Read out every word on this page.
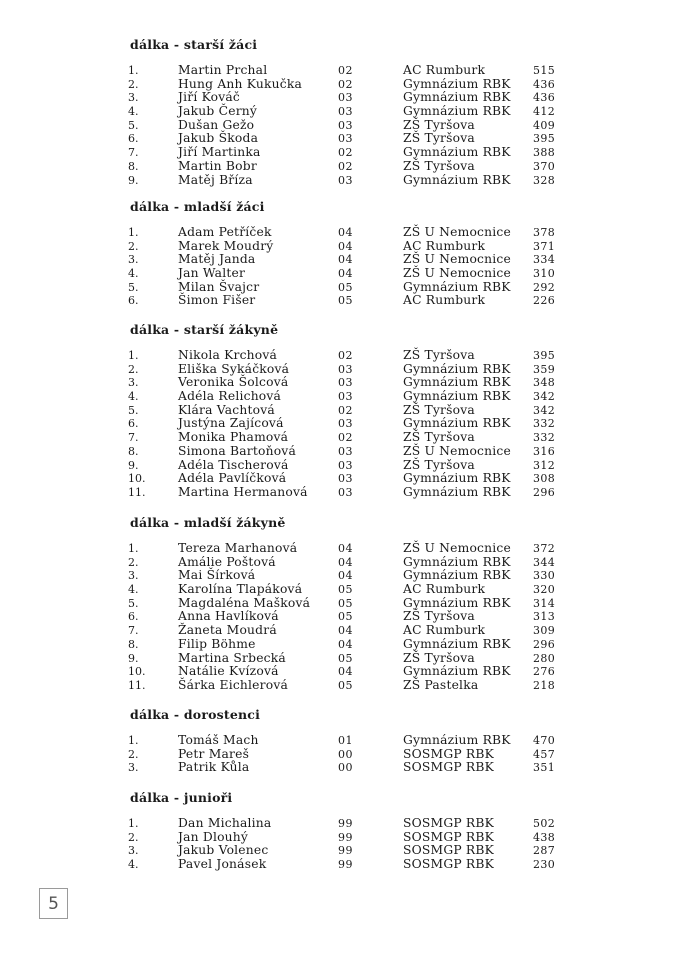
dálka - starší žáci
1.	Martin Prchal	02	AC Rumburk	515
2.	Hung Anh Kukučka	02	Gymnázium RBK 436
3.	Jiří Kováč	03	Gymnázium RBK 436
4.	Jakub Černý	03	Gymnázium RBK 412
5.	Dušan Gežo	03	ZŠ Tyršova	409
6.	Jakub Škoda	03	ZŠ Tyršova	395
7.	Jiří Martinka	02	Gymnázium RBK 388
8.	Martin Bobr	02	ZŠ Tyršova	370
9.	Matěj Bříza	03	Gymnázium RBK 328
dálka - mladší žáci
1.	Adam Petříček	04	ZŠ U Nemocnice 378
2.	Marek Moudrý	04	AC Rumburk	371
3.	Matěj Janda	04	ZŠ U Nemocnice 334
4.	Jan Walter	04	ZŠ U Nemocnice 310
5.	Milan Švajcr	05	Gymnázium RBK 292
6.	Šimon Fišer	05	AC Rumburk	226
dálka - starší žákyně
1.	Nikola Krchová	02	ZŠ Tyršova	395
2.	Eliška Sykáčková	03	Gymnázium RBK 359
3.	Veronika Šolcová	03	Gymnázium RBK 348
4.	Adéla Relichová	03	Gymnázium RBK 342
5.	Klára Vachtová	02	ZŠ Tyršova	342
6.	Justýna Zajícová	03	Gymnázium RBK 332
7.	Monika Phamová	02	ZŠ Tyršova	332
8.	Simona Bartoňová	03	ZŠ U Nemocnice 316
9.	Adéla Tischerová	03	ZŠ Tyršova	312
10.	Adéla Pavlíčková	03	Gymnázium RBK 308
11.	Martina Hermanová	03	Gymnázium RBK 296
dálka - mladší žákyně
1.	Tereza Marhanová	04	ZŠ U Nemocnice 372
2.	Amálie Poštová	04	Gymnázium RBK 344
3.	Mai Šírková	04	Gymnázium RBK 330
4.	Karolína Tlapáková	05	AC Rumburk	320
5.	Magdaléna Mašková	05	Gymnázium RBK 314
6.	Anna Havlíková	05	ZŠ Tyršova	313
7.	Žaneta Moudrá	04	AC Rumburk	309
8.	Filip Böhme	04	Gymnázium RBK 296
9.	Martina Srbecká	05	ZŠ Tyršova	280
10.	Natálie Kvízová	04	Gymnázium RBK 276
11.	Šárka Eichlerová	05	ZŠ Pastelka	218
dálka - dorostenci
1.	Tomáš Mach	01	Gymnázium RBK 470
2.	Petr Mareš	00	SOSMGP RBK	457
3.	Patrik Kůla	00	SOSMGP RBK	351
dálka - junioři
1.	Dan Michalina	99	SOSMGP RBK	502
2.	Jan Dlouhý	99	SOSMGP RBK	438
3.	Jakub Volenec	99	SOSMGP RBK	287
4.	Pavel Jonásek	99	SOSMGP RBK	230
5
